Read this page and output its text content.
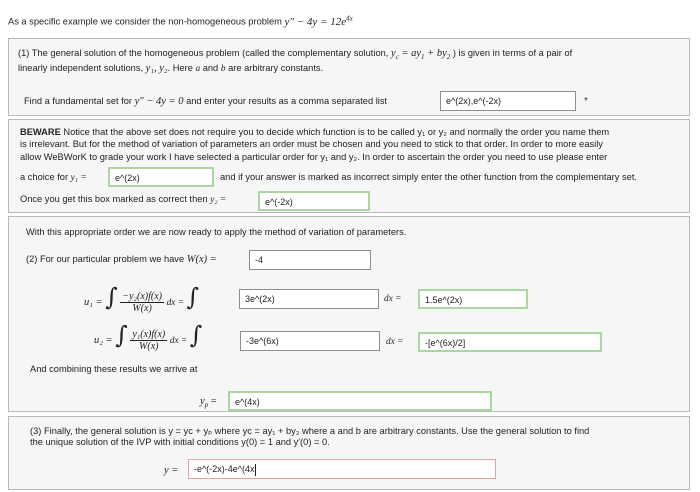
As a specific example we consider the non-homogeneous problem $y'' - 4y = 12e^{4x}$
(1) The general solution of the homogeneous problem (called the complementary solution, $y_c = ay_1 + by_2$ ) is given in terms of a pair of
linearly independent solutions, y₁, y₂. Here a and b are arbitrary constants.
Find a fundamental set for y″ − 4y = 0 and enter your results as a comma separated list	e^(2x),e^(-2x)	*
BEWARE Notice that the above set does not require you to decide which function is to be called y₁ or y₂ and normally the order you name them
is irrelevant. But for the method of variation of parameters an order must be chosen and you need to stick to that order. In order to more easily
allow WeBWorK to grade your work I have selected a particular order for y₁ and y₂. In order to ascertain the order you need to use please enter
a choice for y₁ =	e^(2x)	and if your answer is marked as incorrect simply enter the other function from the complementary set.
Once you get this box marked as correct then y₂ =	e^(-2x)
With this appropriate order we are now ready to apply the method of variation of parameters.
(2) For our particular problem we have W(x) =	-4
u₁ = ∫ $\frac{\text{−y₂(x)f(x)}}{W(x)}$ dx = ∫	3e^(2x)	dx =	1.5e^(2x)
u₂ = ∫ $\frac{\text{y₁(x)f(x)}}{W(x)}$ dx = ∫	-3e^(6x)	dx =	-[e^(6x)/2]
And combining these results we arrive at
$y_p$ =	e^(4x)
(3) Finally, the general solution is y = yᴄ + yₚ where yᴄ = ay₁ + by₂ where a and b are arbitrary constants. Use the general solution to find
the unique solution of the IVP with initial conditions y(0) = 1 and y′(0) = 0.
y =	-e^(-2x)-4e^(4x
